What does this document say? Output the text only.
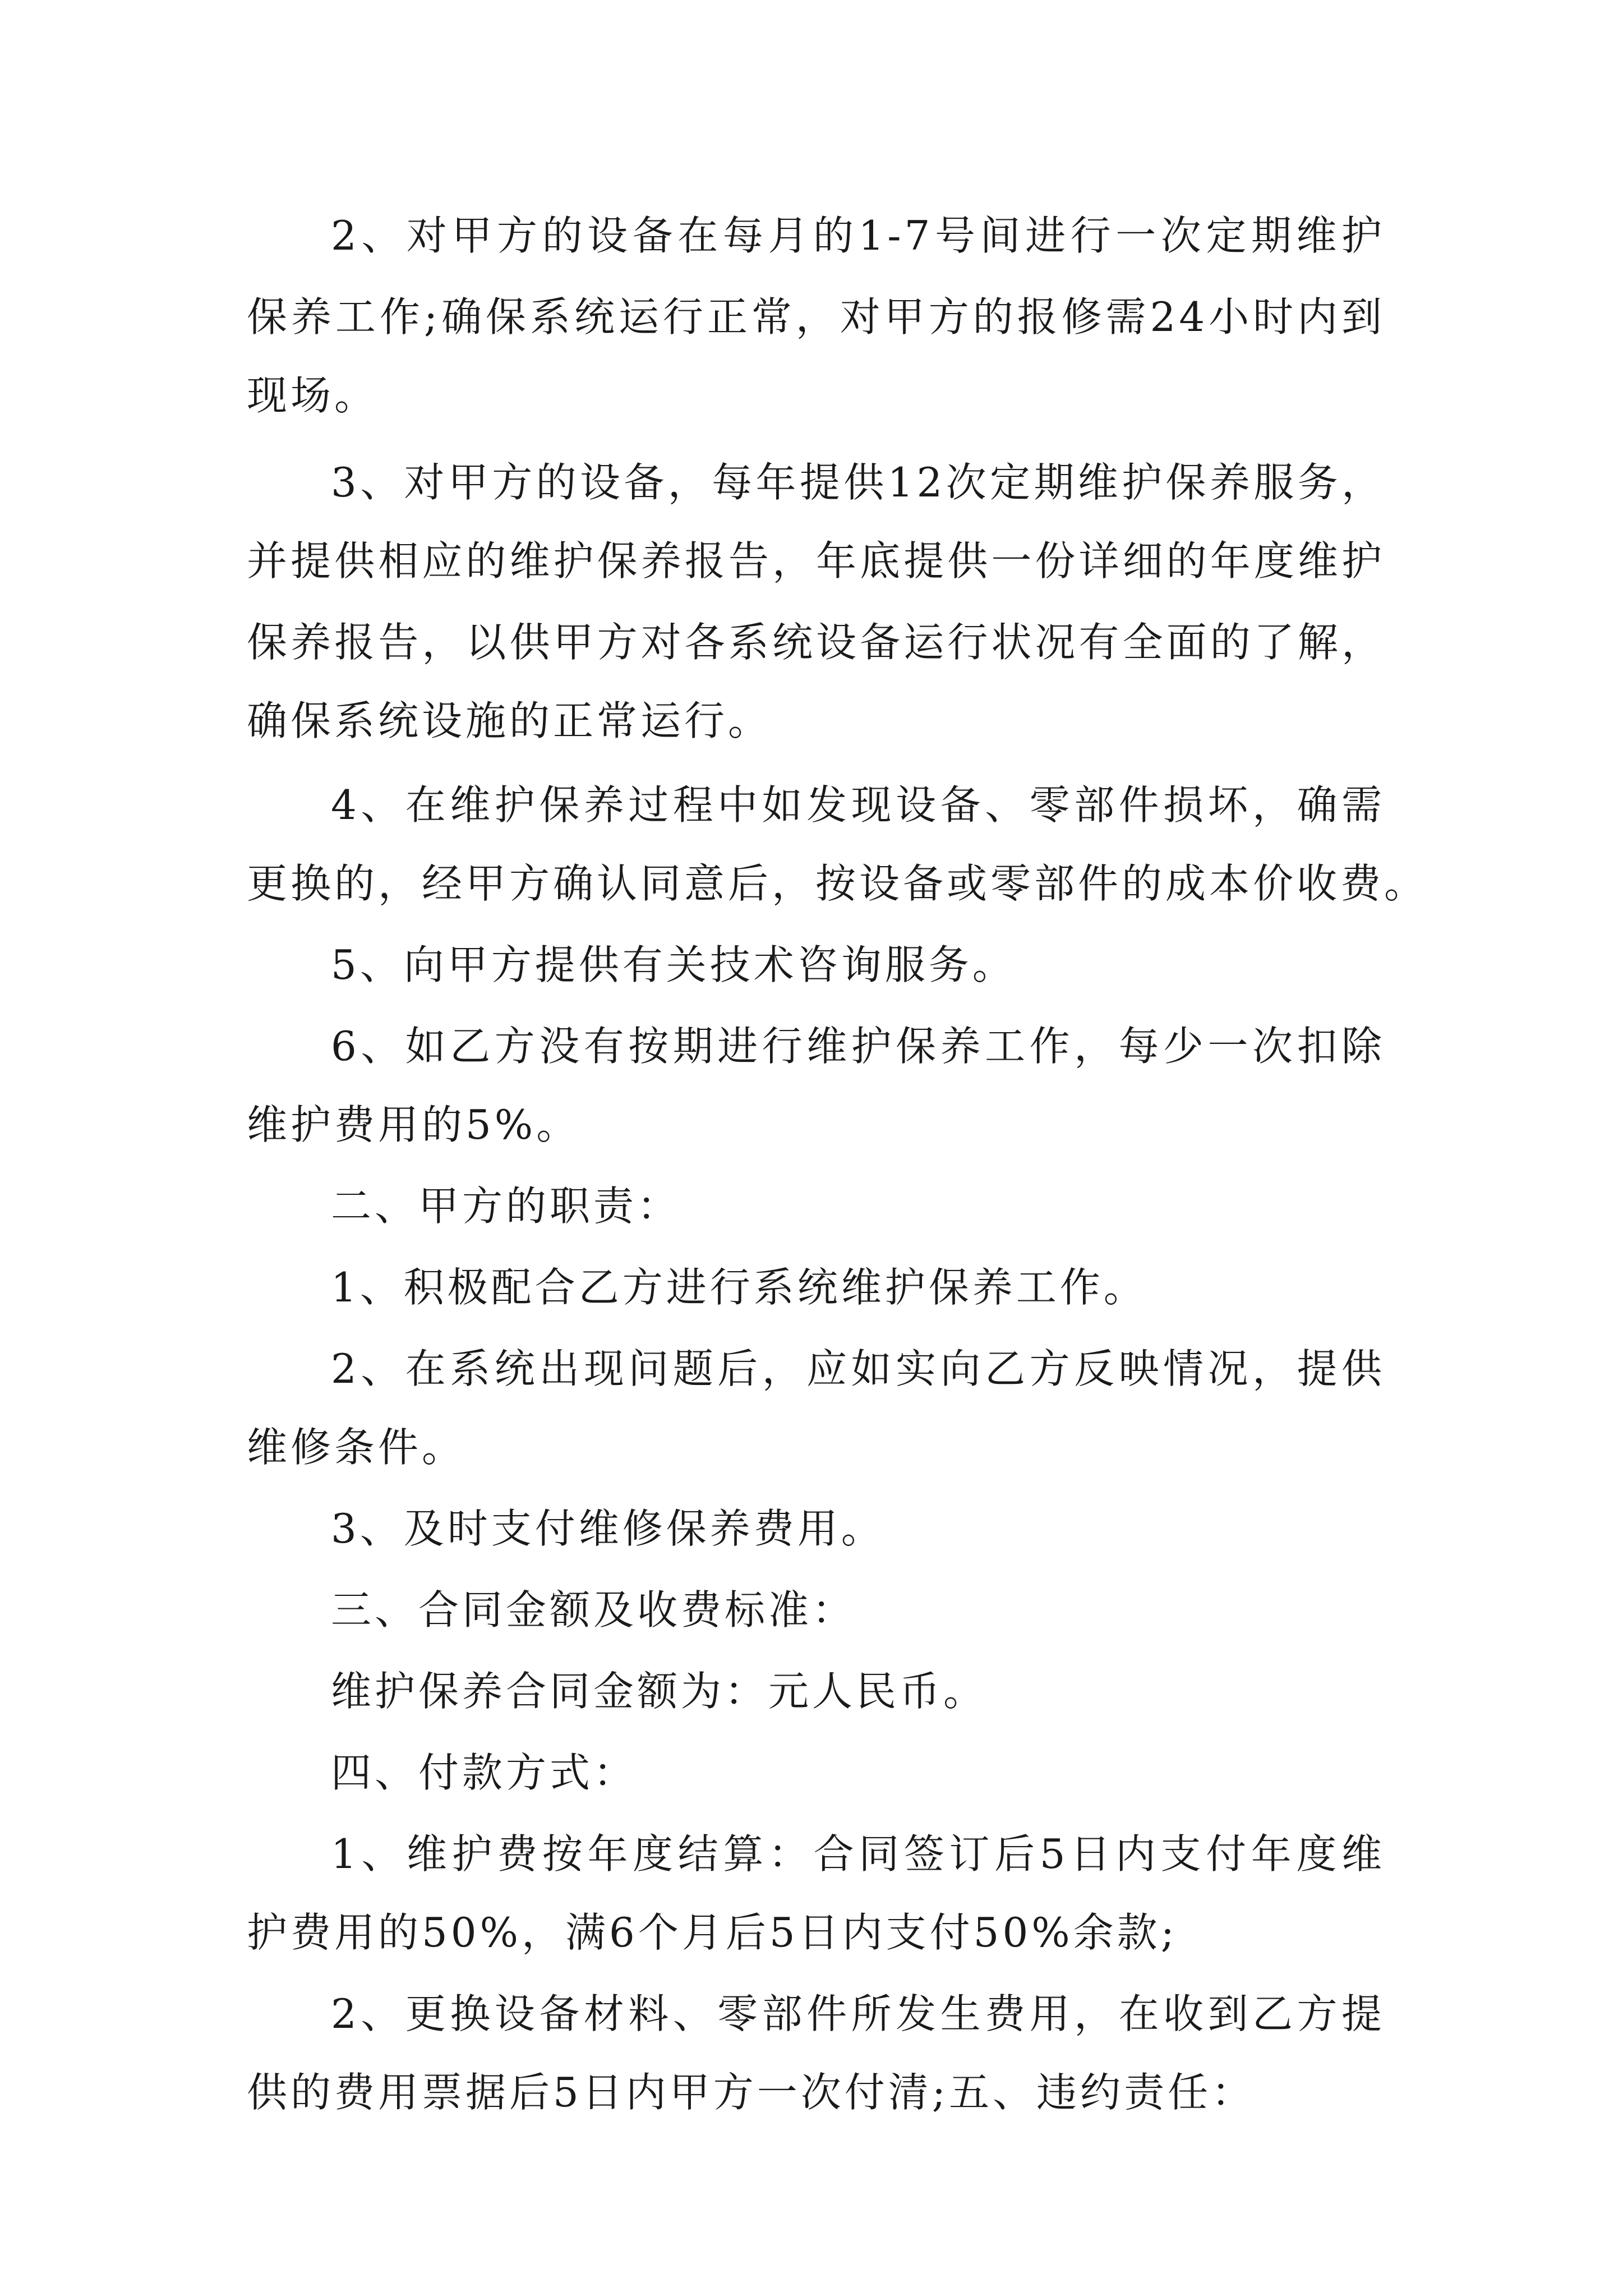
2、对甲方的设备在每月的1-7号间进行一次定期维护
保养工作;确保系统运行正常，对甲方的报修需24小时内到
现场。
3、对甲方的设备，每年提供12次定期维护保养服务，
并提供相应的维护保养报告，年底提供一份详细的年度维护
保养报告，以供甲方对各系统设备运行状况有全面的了解，
确保系统设施的正常运行。
4、在维护保养过程中如发现设备、零部件损坏，确需
更换的，经甲方确认同意后，按设备或零部件的成本价收费。
5、向甲方提供有关技术咨询服务。
6、如乙方没有按期进行维护保养工作，每少一次扣除
维护费用的5%。
二、甲方的职责：
1、积极配合乙方进行系统维护保养工作。
2、在系统出现问题后，应如实向乙方反映情况，提供
维修条件。
3、及时支付维修保养费用。
三、合同金额及收费标准：
维护保养合同金额为：元人民币。
四、付款方式：
1、维护费按年度结算：合同签订后5日内支付年度维
护费用的50%，满6个月后5日内支付50%余款;
2、更换设备材料、零部件所发生费用，在收到乙方提
供的费用票据后5日内甲方一次付清;五、违约责任：
